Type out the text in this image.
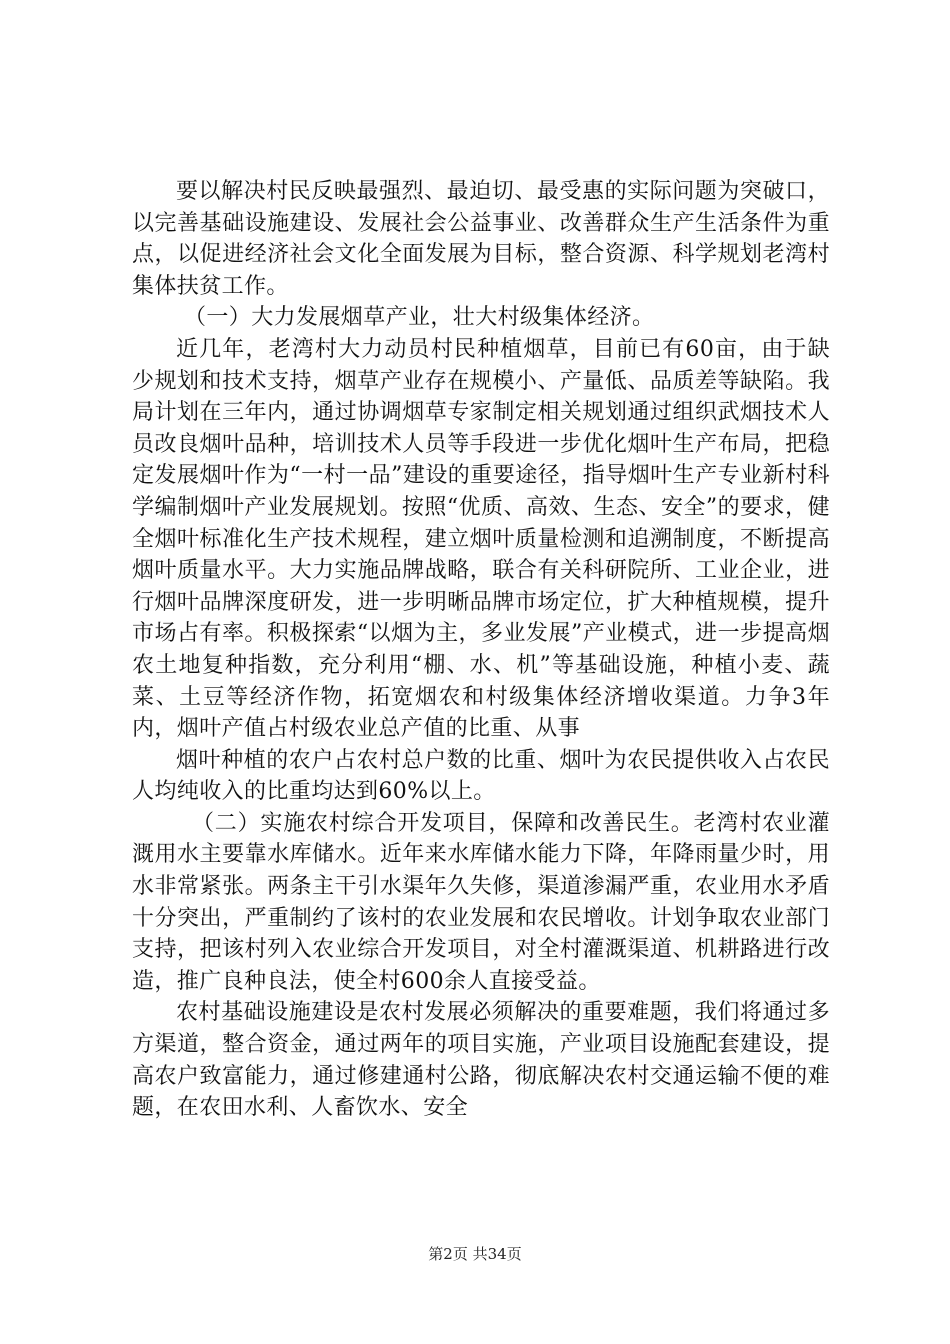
要以解决村民反映最强烈、最迫切、最受惠的实际问题为突破口，以完善基础设施建设、发展社会公益事业、改善群众生产生活条件为重点，以促进经济社会文化全面发展为目标，整合资源、科学规划老湾村集体扶贫工作。

（一）大力发展烟草产业，壮大村级集体经济。

近几年，老湾村大力动员村民种植烟草，目前已有60亩，由于缺少规划和技术支持，烟草产业存在规模小、产量低、品质差等缺陷。我局计划在三年内，通过协调烟草专家制定相关规划通过组织武烟技术人员改良烟叶品种，培训技术人员等手段进一步优化烟叶生产布局，把稳定发展烟叶作为“一村一品”建设的重要途径，指导烟叶生产专业新村科学编制烟叶产业发展规划。按照“优质、高效、生态、安全”的要求，健全烟叶标准化生产技术规程，建立烟叶质量检测和追溯制度，不断提高烟叶质量水平。大力实施品牌战略，联合有关科研院所、工业企业，进行烟叶品牌深度研发，进一步明晰品牌市场定位，扩大种植规模，提升市场占有率。积极探索“以烟为主，多业发展”产业模式，进一步提高烟农土地复种指数，充分利用“棚、水、机”等基础设施，种植小麦、蔬菜、土豆等经济作物，拓宽烟农和村级集体经济增收渠道。力争3年内，烟叶产值占村级农业总产值的比重、从事

烟叶种植的农户占农村总户数的比重、烟叶为农民提供收入占农民人均纯收入的比重均达到60%以上。

（二）实施农村综合开发项目，保障和改善民生。老湾村农业灌溉用水主要靠水库储水。近年来水库储水能力下降，年降雨量少时，用水非常紧张。两条主干引水渠年久失修，渠道渗漏严重，农业用水矛盾十分突出，严重制约了该村的农业发展和农民增收。计划争取农业部门支持，把该村列入农业综合开发项目，对全村灌溉渠道、机耕路进行改造，推广良种良法，使全村600余人直接受益。

农村基础设施建设是农村发展必须解决的重要难题，我们将通过多方渠道，整合资金，通过两年的项目实施，产业项目设施配套建设，提高农户致富能力，通过修建通村公路，彻底解决农村交通运输不便的难题，在农田水利、人畜饮水、安全

第2页 共34页
